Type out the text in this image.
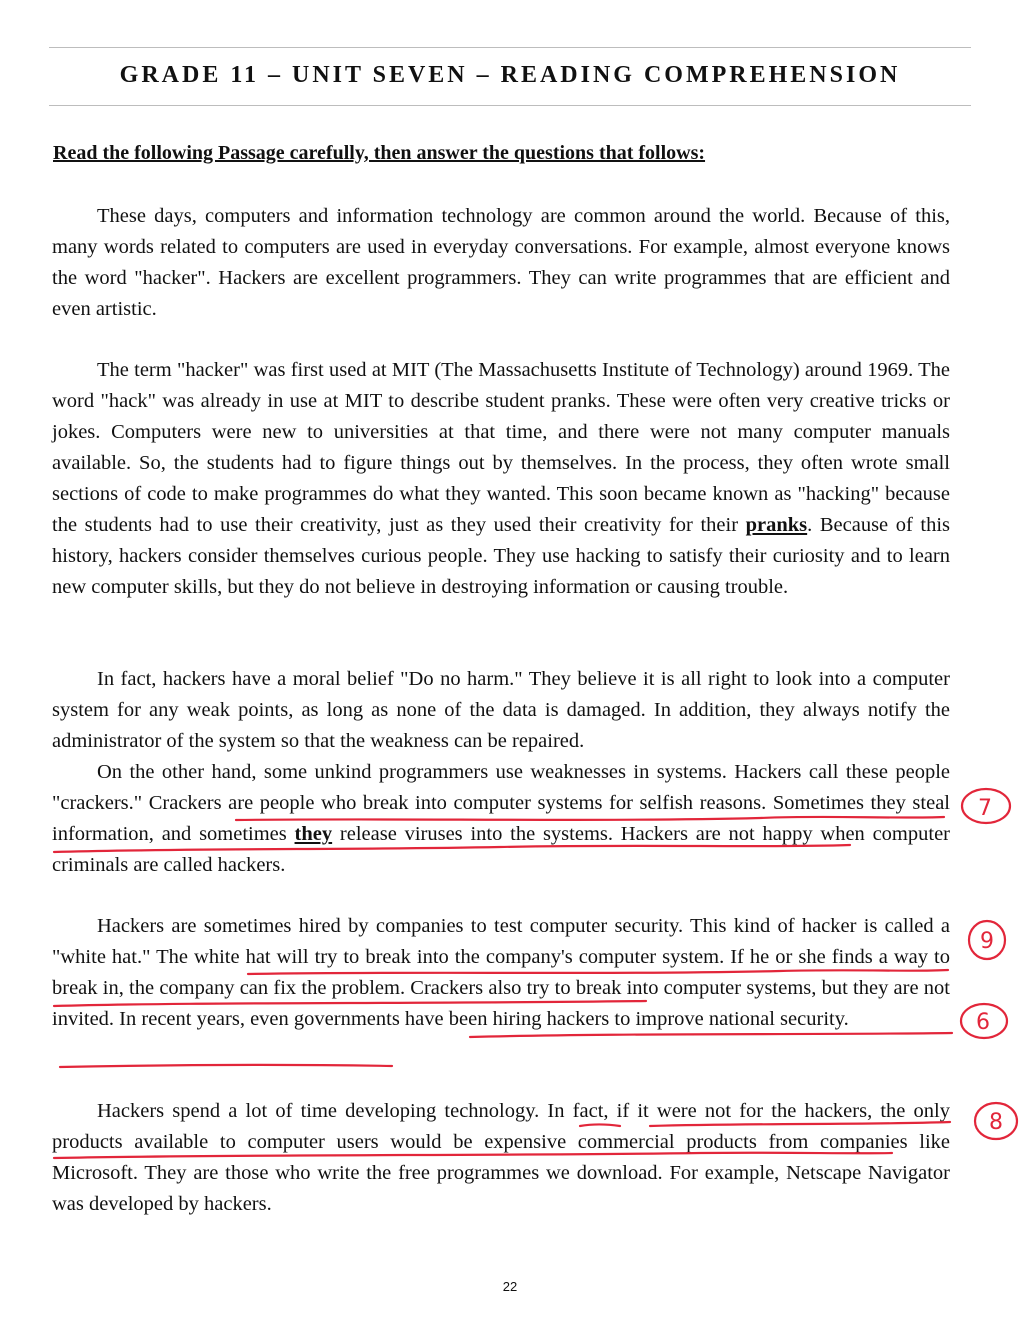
GRADE 11 – UNIT SEVEN – READING COMPREHENSION
Read the following Passage carefully, then answer the questions that follows:

These days, computers and information technology are common around the world. Because of this, many words related to computers are used in everyday conversations. For example, almost everyone knows the word "hacker". Hackers are excellent programmers. They can write programmes that are efficient and even artistic.

The term "hacker" was first used at MIT (The Massachusetts Institute of Technology) around 1969. The word "hack" was already in use at MIT to describe student pranks. These were often very creative tricks or jokes. Computers were new to universities at that time, and there were not many computer manuals available. So, the students had to figure things out by themselves. In the process, they often wrote small sections of code to make programmes do what they wanted. This soon became known as "hacking" because the students had to use their creativity, just as they used their creativity for their pranks. Because of this history, hackers consider themselves curious people. They use hacking to satisfy their curiosity and to learn new computer skills, but they do not believe in destroying information or causing trouble.

In fact, hackers have a moral belief "Do no harm." They believe it is all right to look into a computer system for any weak points, as long as none of the data is damaged. In addition, they always notify the administrator of the system so that the weakness can be repaired.

On the other hand, some unkind programmers use weaknesses in systems. Hackers call these people "crackers." Crackers are people who break into computer systems for selfish reasons. Sometimes they steal information, and sometimes they release viruses into the systems. Hackers are not happy when computer criminals are called hackers.

Hackers are sometimes hired by companies to test computer security. This kind of hacker is called a "white hat." The white hat will try to break into the company's computer system. If he or she finds a way to break in, the company can fix the problem. Crackers also try to break into computer systems, but they are not invited. In recent years, even governments have been hiring hackers to improve national security.

Hackers spend a lot of time developing technology. In fact, if it were not for the hackers, the only products available to computer users would be expensive commercial products from companies like Microsoft. They are those who write the free programmes we download. For example, Netscape Navigator was developed by hackers.

22
7
9
6
8
